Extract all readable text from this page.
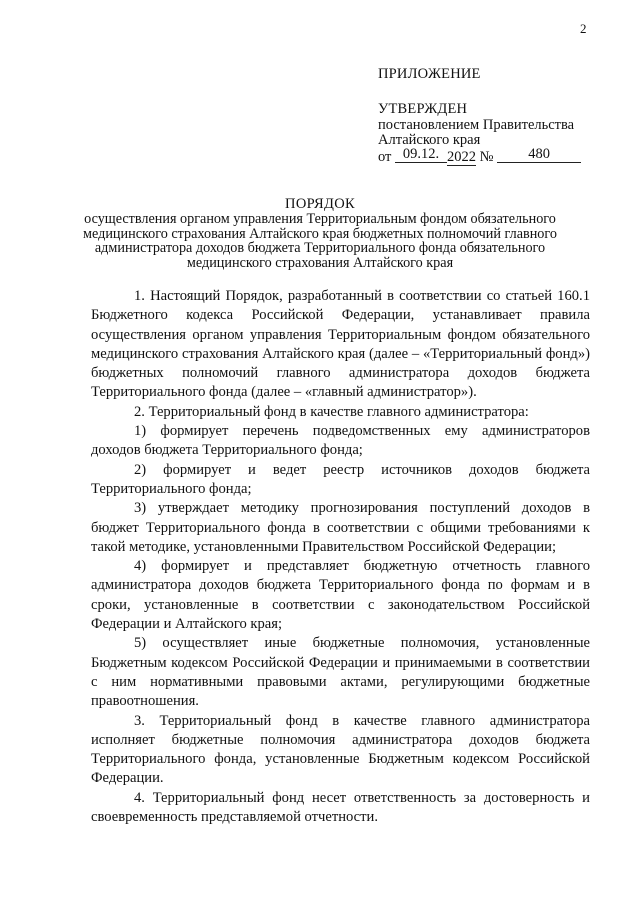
2
ПРИЛОЖЕНИЕ
УТВЕРЖДЕН
постановлением Правительства
Алтайского края
от 09.12. 2022 № 480
ПОРЯДОК
осуществления органом управления Территориальным фондом обязательного медицинского страхования Алтайского края бюджетных полномочий главного администратора доходов бюджета Территориального фонда обязательного медицинского страхования Алтайского края

1. Настоящий Порядок, разработанный в соответствии со статьей 160.1 Бюджетного кодекса Российской Федерации, устанавливает правила осуществления органом управления Территориальным фондом обязательного медицинского страхования Алтайского края (далее – «Территориальный фонд») бюджетных полномочий главного администратора доходов бюджета Территориального фонда (далее – «главный администратор»).

2. Территориальный фонд в качестве главного администратора:

1) формирует перечень подведомственных ему администраторов доходов бюджета Территориального фонда;

2) формирует и ведет реестр источников доходов бюджета Территориального фонда;

3) утверждает методику прогнозирования поступлений доходов в бюджет Территориального фонда в соответствии с общими требованиями к такой методике, установленными Правительством Российской Федерации;

4) формирует и представляет бюджетную отчетность главного администратора доходов бюджета Территориального фонда по формам и в сроки, установленные в соответствии с законодательством Российской Федерации и Алтайского края;

5) осуществляет иные бюджетные полномочия, установленные Бюджетным кодексом Российской Федерации и принимаемыми в соответствии с ним нормативными правовыми актами, регулирующими бюджетные правоотношения.

3. Территориальный фонд в качестве главного администратора исполняет бюджетные полномочия администратора доходов бюджета Территориального фонда, установленные Бюджетным кодексом Российской Федерации.

4. Территориальный фонд несет ответственность за достоверность и своевременность представляемой отчетности.
